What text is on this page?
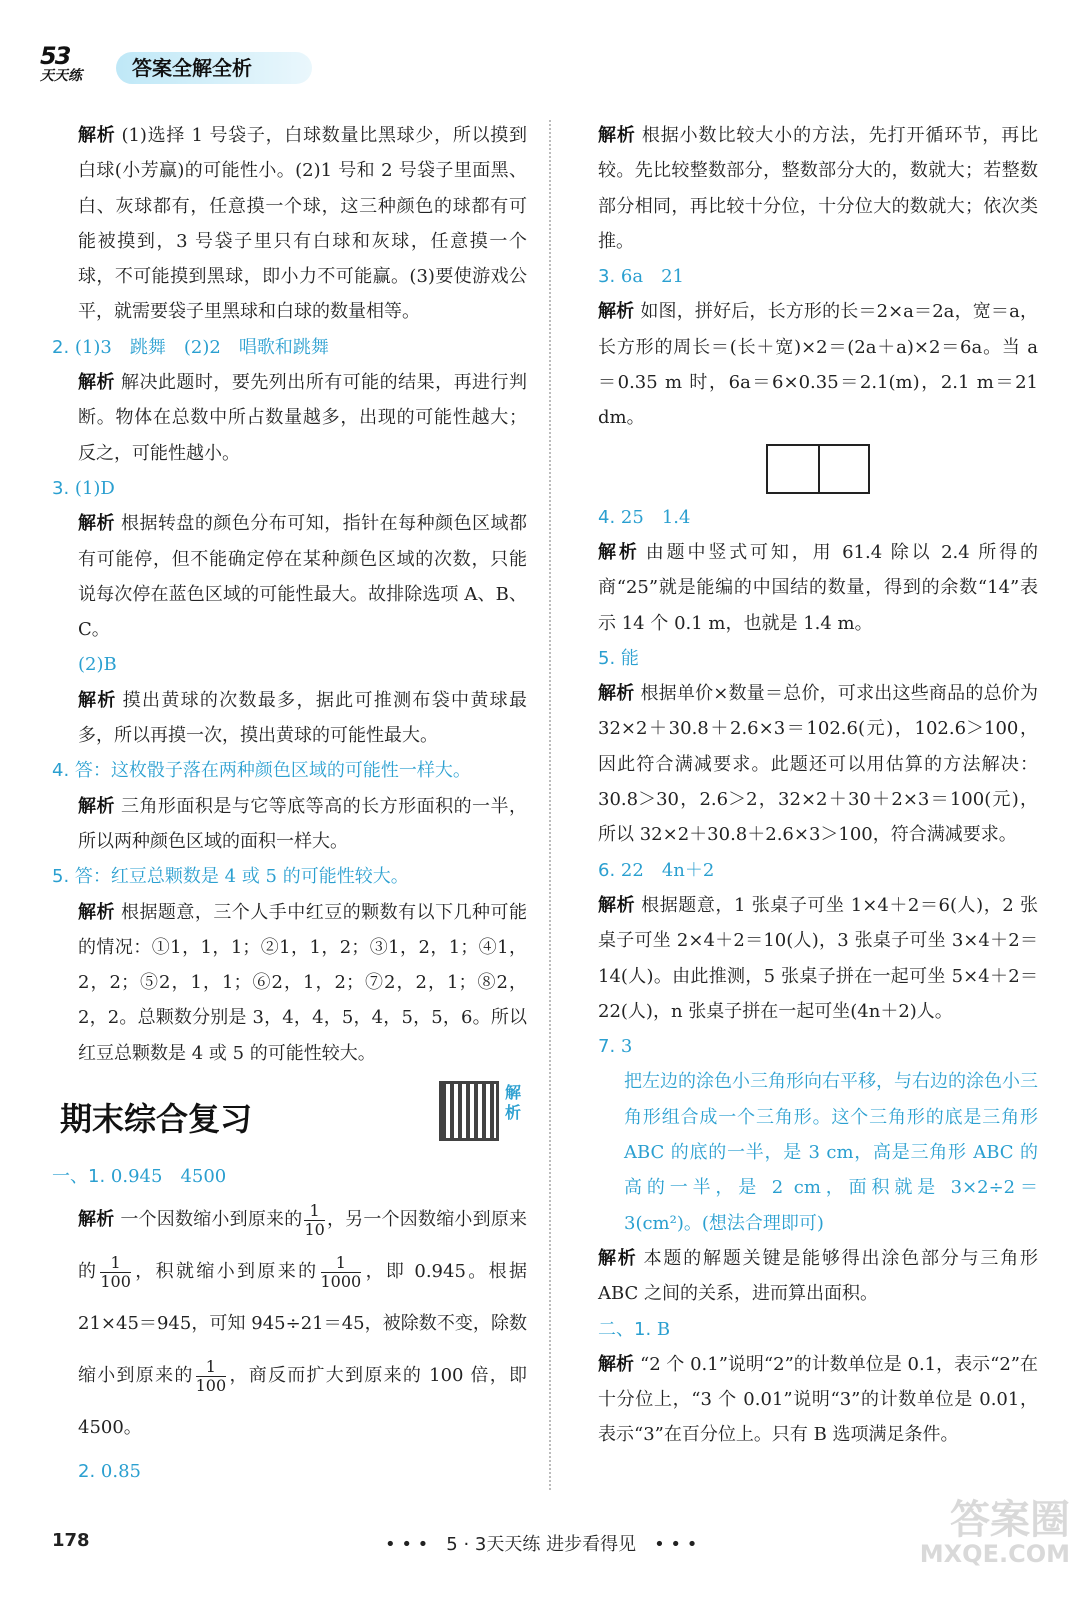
53
天天练	答案全解全析

解析 (1)选择 1 号袋子，白球数量比黑球少，所以摸到白球(小芳赢)的可能性小。(2)1 号和 2 号袋子里面黑、白、灰球都有，任意摸一个球，这三种颜色的球都有可能被摸到，3 号袋子里只有白球和灰球，任意摸一个球，不可能摸到黑球，即小力不可能赢。(3)要使游戏公平，就需要袋子里黑球和白球的数量相等。

2. (1)3　跳舞　(2)2　唱歌和跳舞

解析 解决此题时，要先列出所有可能的结果，再进行判断。物体在总数中所占数量越多，出现的可能性越大；反之，可能性越小。

3. (1)D

解析 根据转盘的颜色分布可知，指针在每种颜色区域都有可能停，但不能确定停在某种颜色区域的次数，只能说每次停在蓝色区域的可能性最大。故排除选项 A、B、C。

(2)B

解析 摸出黄球的次数最多，据此可推测布袋中黄球最多，所以再摸一次，摸出黄球的可能性最大。

4. 答：这枚骰子落在两种颜色区域的可能性一样大。

解析 三角形面积是与它等底等高的长方形面积的一半，所以两种颜色区域的面积一样大。

5. 答：红豆总颗数是 4 或 5 的可能性较大。

解析 根据题意，三个人手中红豆的颗数有以下几种可能的情况：①1，1，1；②1，1，2；③1，2，1；④1，2，2；⑤2，1，1；⑥2，1，2；⑦2，2，1；⑧2，2，2。总颗数分别是 3，4，4，5，4，5，5，6。所以红豆总颗数是 4 或 5 的可能性较大。

期末综合复习
解析

一、1. 0.945　4500

解析 一个因数缩小到原来的 $\frac{1}{10}$ ，另一个因数缩小到原来的 $\frac{1}{100}$ ，积就缩小到原来的 $\frac{1}{1000}$ ，即 0.945。根据 21×45＝945，可知 945÷21＝45，被除数不变，除数缩小到原来的 $\frac{1}{100}$ ，商反而扩大到原来的 100 倍，即 4500。

2. 0.85

解析 根据小数比较大小的方法，先打开循环节，再比较。先比较整数部分，整数部分大的，数就大；若整数部分相同，再比较十分位，十分位大的数就大；依次类推。

3. 6a　21

解析 如图，拼好后，长方形的长＝2×a＝2a，宽＝a，长方形的周长＝(长＋宽)×2＝(2a＋a)×2＝6a。当 a＝0.35 m 时，6a＝6×0.35＝2.1(m)，2.1 m＝21 dm。

4. 25　1.4

解析 由题中竖式可知，用 61.4 除以 2.4 所得的商“25”就是能编的中国结的数量，得到的余数“14”表示 14 个 0.1 m，也就是 1.4 m。

5. 能

解析 根据单价×数量＝总价，可求出这些商品的总价为 32×2＋30.8＋2.6×3＝102.6(元)，102.6＞100，因此符合满减要求。此题还可以用估算的方法解决：30.8＞30，2.6＞2，32×2＋30＋2×3＝100(元)，所以 32×2＋30.8＋2.6×3＞100，符合满减要求。

6. 22　4n＋2

解析 根据题意，1 张桌子可坐 1×4＋2＝6(人)，2 张桌子可坐 2×4＋2＝10(人)，3 张桌子可坐 3×4＋2＝14(人)。由此推测，5 张桌子拼在一起可坐 5×4＋2＝22(人)，n 张桌子拼在一起可坐(4n＋2)人。

7. 3

把左边的涂色小三角形向右平移，与右边的涂色小三角形组合成一个三角形。这个三角形的底是三角形 ABC 的底的一半，是 3 cm，高是三角形 ABC 的高的一半，是 2 cm，面积就是 3×2÷2＝3(cm²)。(想法合理即可)

解析 本题的解题关键是能够得出涂色部分与三角形 ABC 之间的关系，进而算出面积。

二、1. B

解析 “2 个 0.1”说明“2”的计数单位是 0.1，表示“2”在十分位上，“3 个 0.01”说明“3”的计数单位是 0.01，表示“3”在百分位上。只有 B 选项满足条件。

178	• • •　5 · 3天天练 进步看得见　• • •
答案圈
MXQE.COM
